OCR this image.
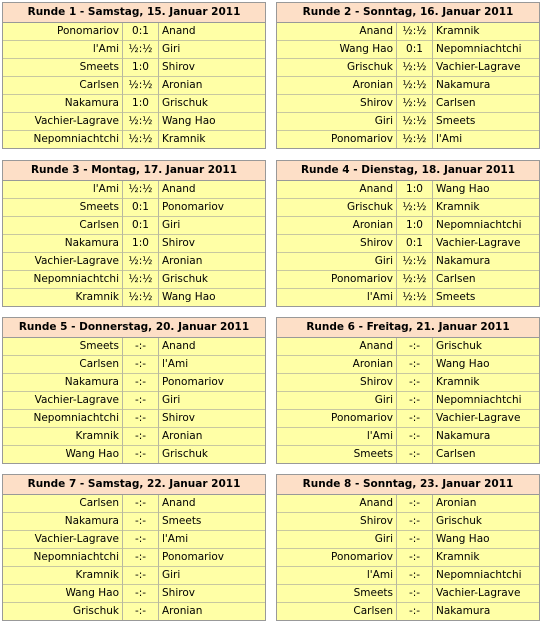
Runde 1 - Samstag, 15. Januar 2011
Ponomariov	0:1	Anand
l'Ami	½:½	Giri
Smeets	1:0	Shirov
Carlsen	½:½	Aronian
Nakamura	1:0	Grischuk
Vachier-Lagrave	½:½	Wang Hao
Nepomniachtchi	½:½	Kramnik
Runde 2 - Sonntag, 16. Januar 2011
Anand	½:½	Kramnik
Wang Hao	0:1	Nepomniachtchi
Grischuk	½:½	Vachier-Lagrave
Aronian	½:½	Nakamura
Shirov	½:½	Carlsen
Giri	½:½	Smeets
Ponomariov	½:½	l'Ami
Runde 3 - Montag, 17. Januar 2011
l'Ami	½:½	Anand
Smeets	0:1	Ponomariov
Carlsen	0:1	Giri
Nakamura	1:0	Shirov
Vachier-Lagrave	½:½	Aronian
Nepomniachtchi	½:½	Grischuk
Kramnik	½:½	Wang Hao
Runde 4 - Dienstag, 18. Januar 2011
Anand	1:0	Wang Hao
Grischuk	½:½	Kramnik
Aronian	1:0	Nepomniachtchi
Shirov	0:1	Vachier-Lagrave
Giri	½:½	Nakamura
Ponomariov	½:½	Carlsen
l'Ami	½:½	Smeets
Runde 5 - Donnerstag, 20. Januar 2011
Smeets	-:-	Anand
Carlsen	-:-	l'Ami
Nakamura	-:-	Ponomariov
Vachier-Lagrave	-:-	Giri
Nepomniachtchi	-:-	Shirov
Kramnik	-:-	Aronian
Wang Hao	-:-	Grischuk
Runde 6 - Freitag, 21. Januar 2011
Anand	-:-	Grischuk
Aronian	-:-	Wang Hao
Shirov	-:-	Kramnik
Giri	-:-	Nepomniachtchi
Ponomariov	-:-	Vachier-Lagrave
l'Ami	-:-	Nakamura
Smeets	-:-	Carlsen
Runde 7 - Samstag, 22. Januar 2011
Carlsen	-:-	Anand
Nakamura	-:-	Smeets
Vachier-Lagrave	-:-	l'Ami
Nepomniachtchi	-:-	Ponomariov
Kramnik	-:-	Giri
Wang Hao	-:-	Shirov
Grischuk	-:-	Aronian
Runde 8 - Sonntag, 23. Januar 2011
Anand	-:-	Aronian
Shirov	-:-	Grischuk
Giri	-:-	Wang Hao
Ponomariov	-:-	Kramnik
l'Ami	-:-	Nepomniachtchi
Smeets	-:-	Vachier-Lagrave
Carlsen	-:-	Nakamura
